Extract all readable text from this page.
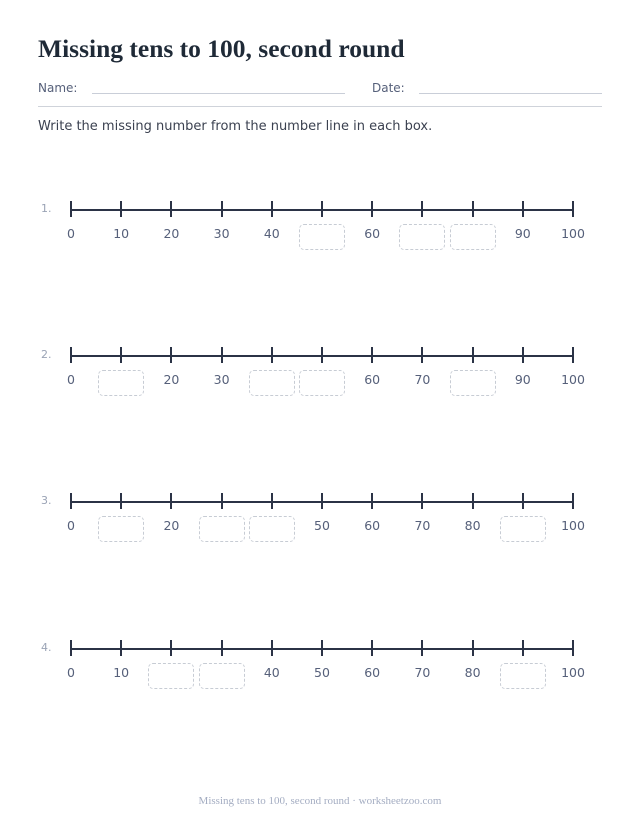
Missing tens to 100, second round
Name:	Date:
Write the missing number from the number line in each box.
1.
0	10	20	30	40	60	90	100
2.
0	20	30	60	70	90	100
3.
0	20	50	60	70	80	100
4.
0	10	40	50	60	70	80	100
Missing tens to 100, second round · worksheetzoo.com
